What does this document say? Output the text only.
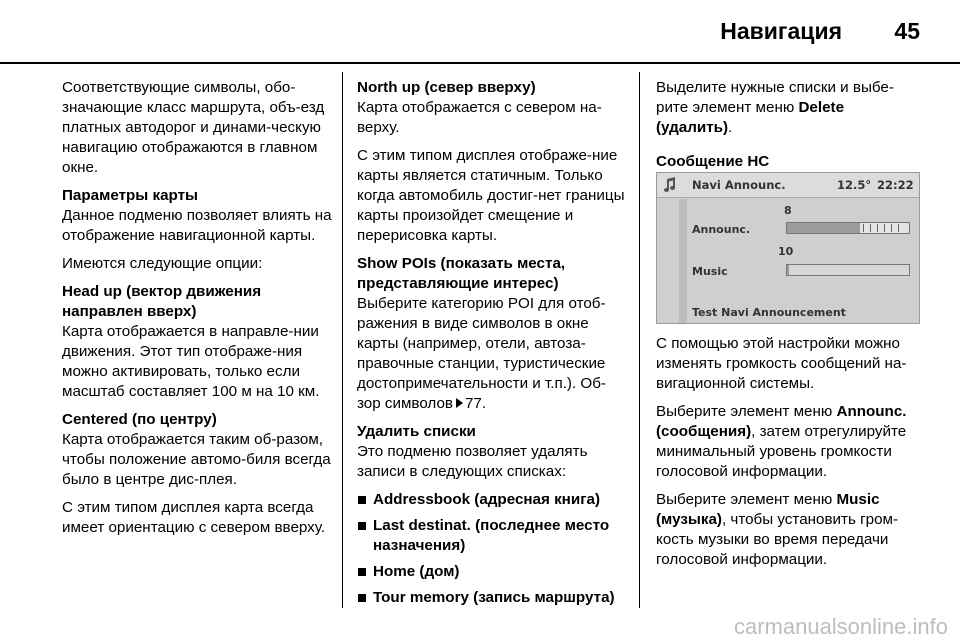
Навигация 45

Соответствующие символы, обо-значающие класс маршрута, объ-езд платных автодорог и динами-ческую навигацию отображаются в главном окне.

Параметры карты

Данное подменю позволяет влиять на отображение навигационной карты.

Имеются следующие опции:

Head up (вектор движения направлен вверх)

Карта отображается в направле-нии движения. Этот тип отображе-ния можно активировать, только если масштаб составляет 100 м на 10 км.

Centered (по центру)

Карта отображается таким об-разом, чтобы положение автомо-биля всегда было в центре дис-плея.

С этим типом дисплея карта всегда имеет ориентацию с севером вверху.

North up (север вверху)

Карта отображается с севером на-верху.

С этим типом дисплея отображе-ние карты является статичным. Только когда автомобиль достиг-нет границы карты произойдет смещение и перерисовка карты.

Show POIs (показать места, представляющие интерес)

Выберите категорию POI для отоб-ражения в виде символов в окне карты (например, отели, автоза-правочные станции, туристические достопримечательности и т.п.). Об-зор символов 77.

Удалить списки

Это подменю позволяет удалять записи в следующих списках:

Addressbook (адресная книга)
Last destinat. (последнее место назначения)
Home (дом)
Tour memory (запись маршрута)

Выделите нужные списки и выбе-рите элемент меню Delete (удалить).

Сообщение НС
Navi Announc.	12.5° 22:22
Announc.
8
Music
10
Test Navi Announcement

С помощью этой настройки можно изменять громкость сообщений на-вигационной системы.

Выберите элемент меню Announc. (сообщения), затем отрегулируйте минимальный уровень громкости голосовой информации.

Выберите элемент меню Music (музыка), чтобы установить гром-кость музыки во время передачи голосовой информации.

carmanualsonline.info
